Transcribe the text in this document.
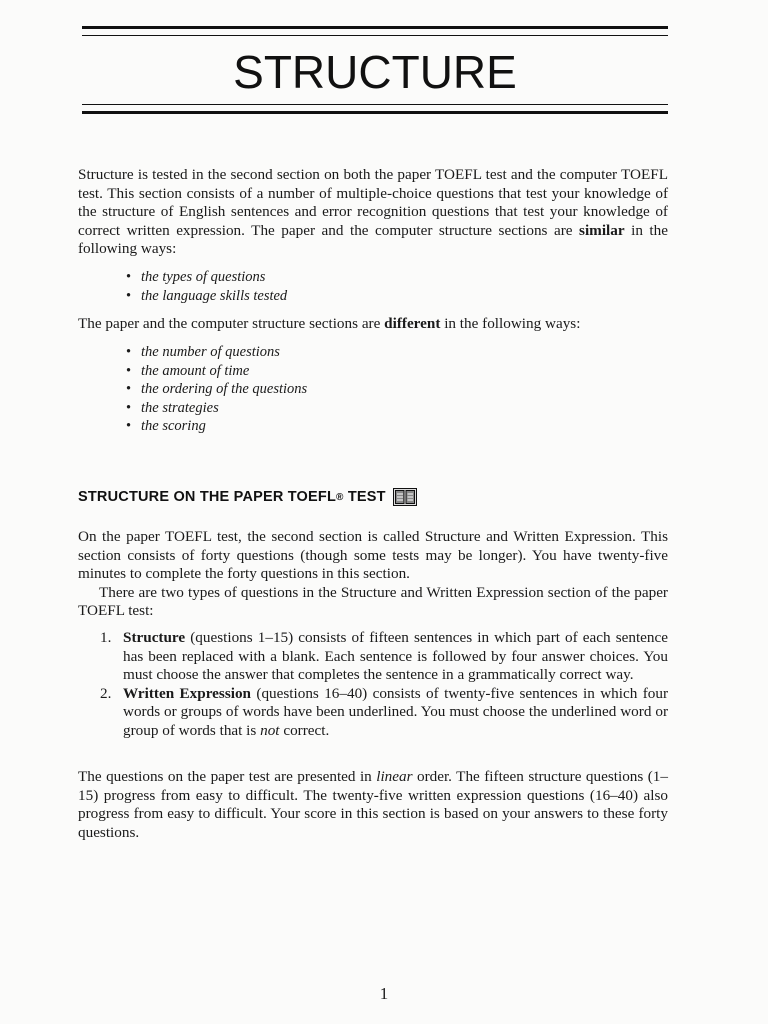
STRUCTURE

Structure is tested in the second section on both the paper TOEFL test and the computer TOEFL test. This section consists of a number of multiple-choice questions that test your knowledge of the structure of English sentences and error recognition questions that test your knowledge of correct written expression. The paper and the computer structure sections are similar in the following ways:

• the types of questions
• the language skills tested

The paper and the computer structure sections are different in the following ways:

• the number of questions
• the amount of time
• the ordering of the questions
• the strategies
• the scoring
STRUCTURE ON THE PAPER TOEFL ® TEST

On the paper TOEFL test, the second section is called Structure and Written Expression. This section consists of forty questions (though some tests may be longer). You have twenty-five minutes to complete the forty questions in this section.

There are two types of questions in the Structure and Written Expression section of the paper TOEFL test:

1. Structure (questions 1–15) consists of fifteen sentences in which part of each sentence has been replaced with a blank. Each sentence is followed by four answer choices. You must choose the answer that completes the sentence in a grammatically correct way.
2. Written Expression (questions 16–40) consists of twenty-five sentences in which four words or groups of words have been underlined. You must choose the underlined word or group of words that is not correct.

The questions on the paper test are presented in linear order. The fifteen structure questions (1–15) progress from easy to difficult. The twenty-five written expression questions (16–40) also progress from easy to difficult. Your score in this section is based on your answers to these forty questions.

1
